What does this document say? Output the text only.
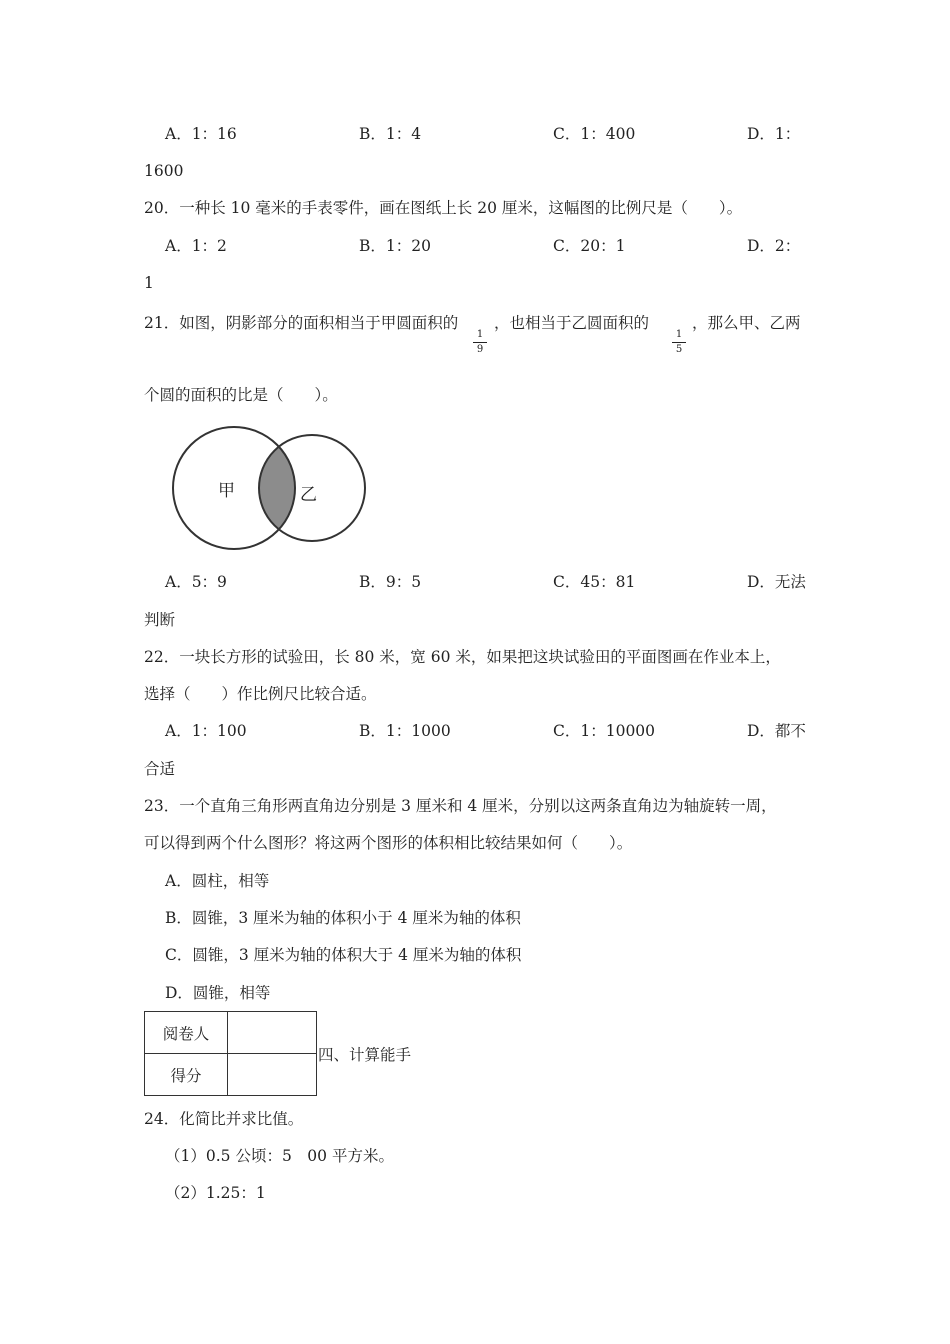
A．1：16	B．1：4	C．1：400	D．1：
1600
20．一种长 10 毫米的手表零件，画在图纸上长 20 厘米，这幅图的比例尺是（　　）。
A．1：2	B．1：20	C．20：1	D．2：
1
21．如图，阴影部分的面积相当于甲圆面积的
1
9
，也相当于乙圆面积的
1
5
，那么甲、乙两
个圆的面积的比是（　　）。
甲	乙
A．5：9	B．9：5	C．45：81	D．无法
判断
22．一块长方形的试验田，长 80 米，宽 60 米，如果把这块试验田的平面图画在作业本上，
选择（　　）作比例尺比较合适。
A．1：100	B．1：1000	C．1：10000	D．都不
合适
23．一个直角三角形两直角边分别是 3 厘米和 4 厘米，分别以这两条直角边为轴旋转一周，
可以得到两个什么图形？将这两个图形的体积相比较结果如何（　　）。
A．圆柱，相等
B．圆锥，3 厘米为轴的体积小于 4 厘米为轴的体积
C．圆锥，3 厘米为轴的体积大于 4 厘米为轴的体积
D．圆锥，相等
阅卷人	
得分	
四、计算能手
24．化简比并求比值。
（1）0.5 公顷：5　00 平方米。
（2）1.25：1
